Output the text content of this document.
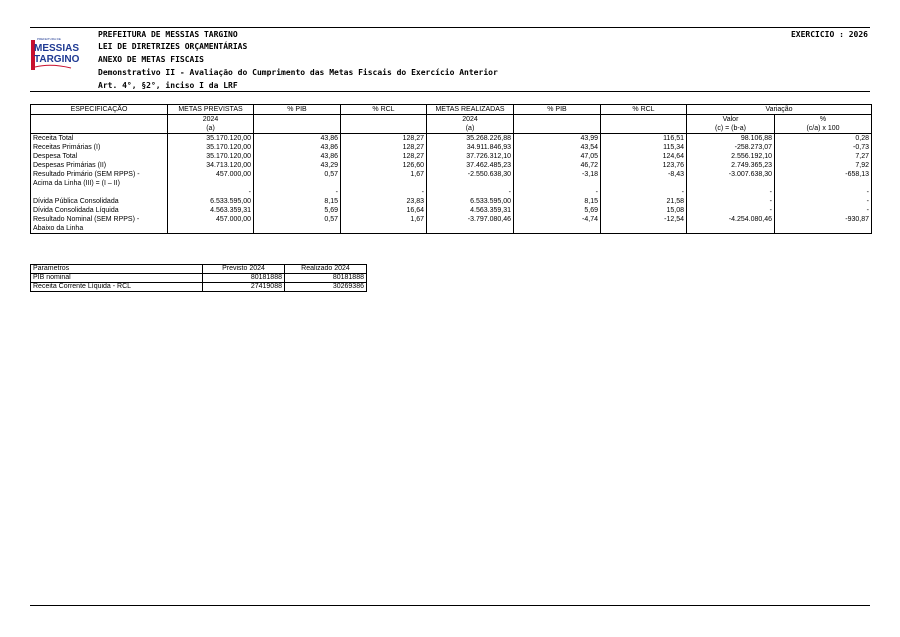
PREFEITURA DE
MESSIAS
TARGINO
PREFEITURA DE MESSIAS TARGINO
LEI DE DIRETRIZES ORÇAMENTÁRIAS
ANEXO DE METAS FISCAIS
Demonstrativo II - Avaliação do Cumprimento das Metas Fiscais do Exercício Anterior
Art. 4°, §2°, inciso I da LRF
EXERCICIO : 2026
ESPECIFICAÇÃO	METAS PREVISTAS	% PIB	% RCL	METAS REALIZADAS	% PIB	% RCL	Variação	
	2024			2024			Valor	%
	(a)			(a)			(c) = (b-a)	(c/a) x 100
Receita Total	35.170.120,00	43,86	128,27	35.268.226,88	43,99	116,51	98.106,88	0,28
Receitas Primárias (I)	35.170.120,00	43,86	128,27	34.911.846,93	43,54	115,34	-258.273,07	-0,73
Despesa Total	35.170.120,00	43,86	128,27	37.726.312,10	47,05	124,64	2.556.192,10	7,27
Despesas Primárias (II)	34.713.120,00	43,29	126,60	37.462.485,23	46,72	123,76	2.749.365,23	7,92
Resultado Primário (SEM RPPS) -	457.000,00	0,57	1,67	-2.550.638,30	-3,18	-8,43	-3.007.638,30	-658,13
Acima da Linha (III) = (I – II)								
	-	-	-	-	-	-	-	-
Dívida Pública Consolidada	6.533.595,00	8,15	23,83	6.533.595,00	8,15	21,58	-	-
Dívida Consolidada Líquida	4.563.359,31	5,69	16,64	4.563.359,31	5,69	15,08	-	-
Resultado Nominal (SEM RPPS) -	457.000,00	0,57	1,67	-3.797.080,46	-4,74	-12,54	-4.254.080,46	-930,87
Abaixo da Linha								
Parametros	Previsto 2024	Realizado 2024
PIB nominal	80181888	80181888
Receita Corrente Líquida - RCL	27419088	30269386
